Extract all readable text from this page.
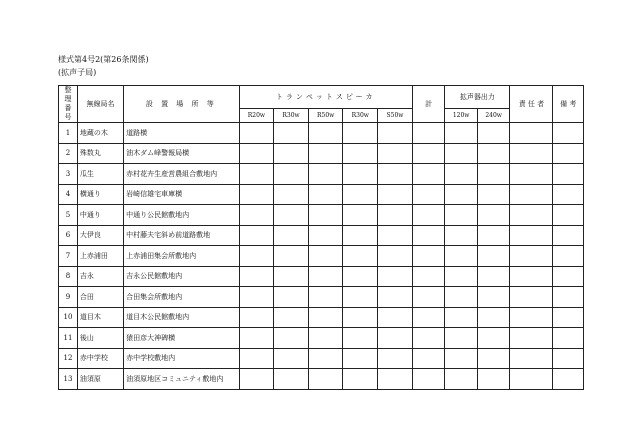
様式第4号2(第26条関係)
(拡声子局)
整理番号	無線局名	設 置 場 所 等	トランペットスピーカ					計	拡声器出力		責 任 者	備 考
			R20w	R30w	R50w	R30w	S50w		120w	240w		
1	地蔵の木	道路横										
2	殊数丸	油木ダム峰警報局横										
3	瓜生	赤村花卉生産営農組合敷地内										
4	横通り	岩崎信雄宅車庫横										
5	中通り	中通り公民館敷地内										
6	大伊良	中村藤夫宅斜め前道路敷地										
7	上赤浦田	上赤浦田集会所敷地内										
8	吉永	吉永公民館敷地内										
9	合田	合田集会所敷地内										
10	道目木	道目木公民館敷地内										
11	後山	猿田彦大神碑横										
12	赤中学校	赤中学校敷地内										
13	油須原	油須原地区コミュニティ敷地内										
